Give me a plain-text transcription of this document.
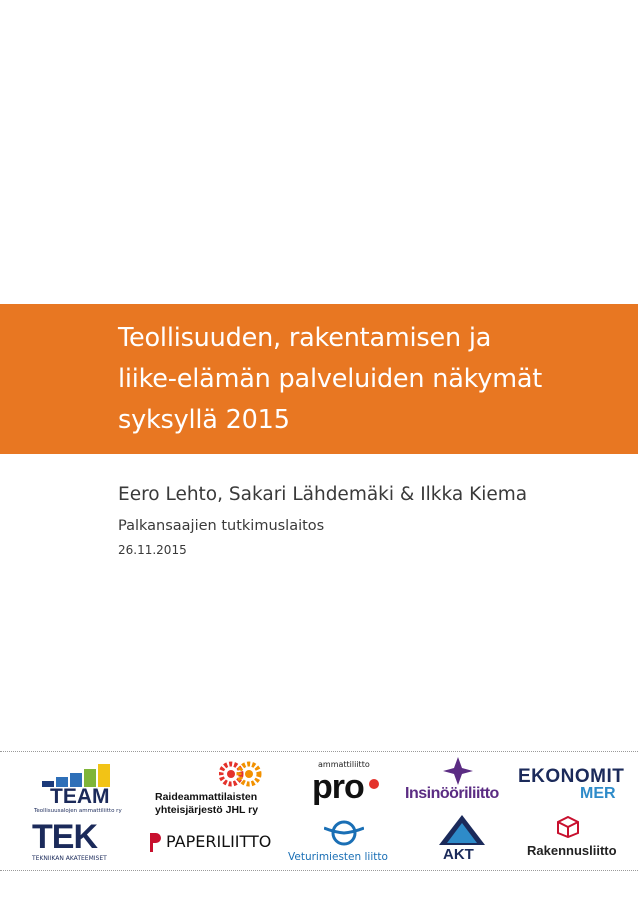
Teollisuuden, rakentamisen ja
liike-elämän palveluiden näkymät
syksyllä 2015
Eero Lehto, Sakari Lähdemäki & Ilkka Kiema
Palkansaajien tutkimuslaitos
26.11.2015
TEAM
Teollisuusalojen ammattiliitto ry
Raideammattilaisten
yhteisjärjestö JHL ry
ammattiliitto
pro	Insinööriliitto
EKONOMIT
MER
TEK
TEKNIIKAN AKATEEMISET
PAPERILIITTO
Veturimiesten liitto	AKT	Rakennusliitto
